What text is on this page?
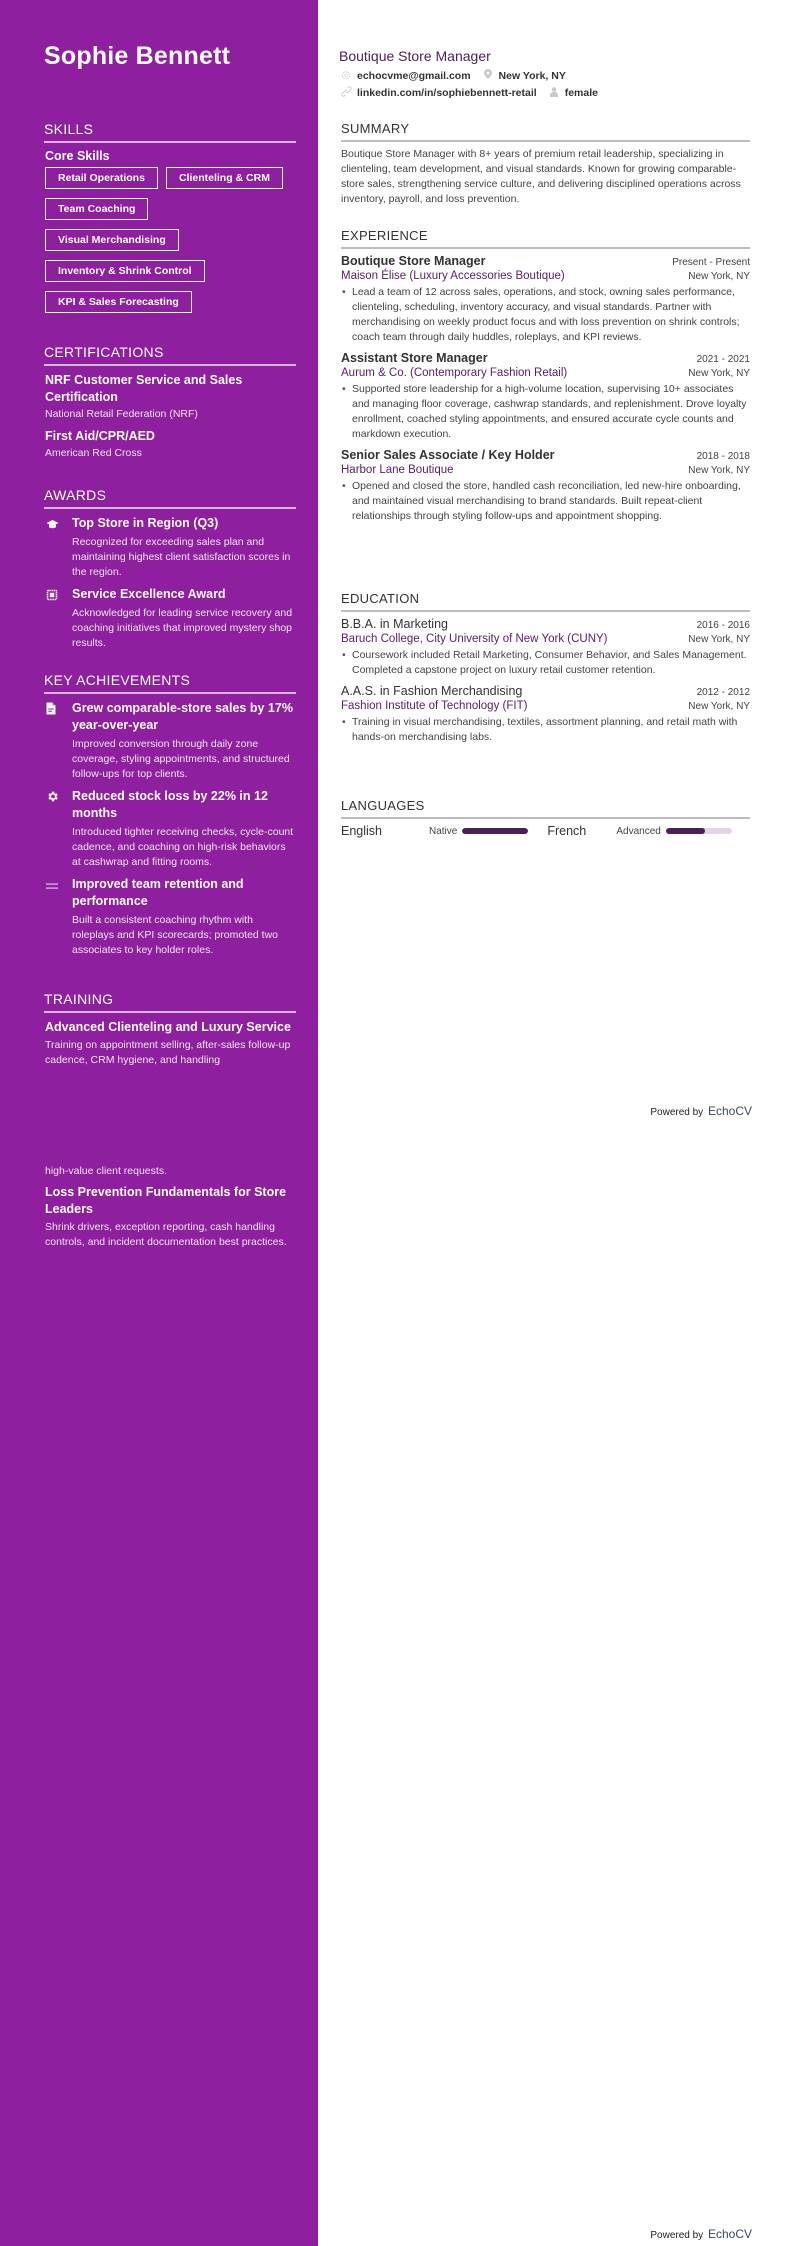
Sophie Bennett
SKILLS
Core Skills
Retail Operations	Clienteling & CRM
Team Coaching
Visual Merchandising
Inventory & Shrink Control
KPI & Sales Forecasting
CERTIFICATIONS
NRF Customer Service and Sales Certification
National Retail Federation (NRF)
First Aid/CPR/AED
American Red Cross
AWARDS
Top Store in Region (Q3)
Recognized for exceeding sales plan and maintaining highest client satisfaction scores in the region.
Service Excellence Award
Acknowledged for leading service recovery and coaching initiatives that improved mystery shop results.
KEY ACHIEVEMENTS
Grew comparable-store sales by 17% year-over-year
Improved conversion through daily zone coverage, styling appointments, and structured follow-ups for top clients.
Reduced stock loss by 22% in 12 months
Introduced tighter receiving checks, cycle-count cadence, and coaching on high-risk behaviors at cashwrap and fitting rooms.
Improved team retention and performance
Built a consistent coaching rhythm with roleplays and KPI scorecards; promoted two associates to key holder roles.
TRAINING
Advanced Clienteling and Luxury Service
Training on appointment selling, after-sales follow-up cadence, CRM hygiene, and handling
high-value client requests.
Loss Prevention Fundamentals for Store Leaders
Shrink drivers, exception reporting, cash handling controls, and incident documentation best practices.
Boutique Store Manager
◎ echocvme@gmail.com	New York, NY
linkedin.com/in/sophiebennett-retail	female
SUMMARY
Boutique Store Manager with 8+ years of premium retail leadership, specializing in clienteling, team development, and visual standards. Known for growing comparable-store sales, strengthening service culture, and delivering disciplined operations across inventory, payroll, and loss prevention.
EXPERIENCE
Boutique Store Manager	Present - Present
Maison Élise (Luxury Accessories Boutique)	New York, NY
• Lead a team of 12 across sales, operations, and stock, owning sales performance, clienteling, scheduling, inventory accuracy, and visual standards. Partner with merchandising on weekly product focus and with loss prevention on shrink controls; coach team through daily huddles, roleplays, and KPI reviews.
Assistant Store Manager	2021 - 2021
Aurum & Co. (Contemporary Fashion Retail)	New York, NY
• Supported store leadership for a high-volume location, supervising 10+ associates and managing floor coverage, cashwrap standards, and replenishment. Drove loyalty enrollment, coached styling appointments, and ensured accurate cycle counts and markdown execution.
Senior Sales Associate / Key Holder	2018 - 2018
Harbor Lane Boutique	New York, NY
• Opened and closed the store, handled cash reconciliation, led new-hire onboarding, and maintained visual merchandising to brand standards. Built repeat-client relationships through styling follow-ups and appointment shopping.
EDUCATION
B.B.A. in Marketing	2016 - 2016
Baruch College, City University of New York (CUNY)	New York, NY
• Coursework included Retail Marketing, Consumer Behavior, and Sales Management. Completed a capstone project on luxury retail customer retention.
A.A.S. in Fashion Merchandising	2012 - 2012
Fashion Institute of Technology (FIT)	New York, NY
• Training in visual merchandising, textiles, assortment planning, and retail math with hands-on merchandising labs.
LANGUAGES
English	Native	French	Advanced
Powered by EchoCV
Powered by EchoCV
